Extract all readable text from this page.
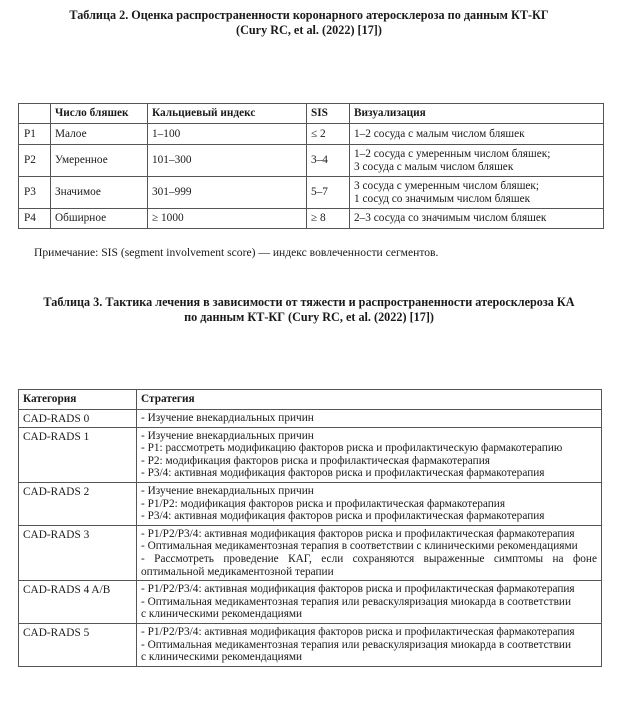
Таблица 2. Оценка распространенности коронарного атеросклероза по данным КТ-КГ
(Cury RC, et al. (2022) [17])
	Число бляшек	Кальциевый индекс	SIS	Визуализация
P1	Малое	1–100	≤ 2	1–2 сосуда с малым числом бляшек

P2	Умеренное	101–300	3–4	1–2 сосуда с умеренным числом бляшек;
3 сосуда с малым числом бляшек

P3	Значимое	301–999	5–7	3 сосуда с умеренным числом бляшек;
1 сосуд со значимым числом бляшек

P4	Обширное	≥ 1000	≥ 8	2–3 сосуда со значимым числом бляшек
Примечание: SIS (segment involvement score) — индекс вовлеченности сегментов.
Таблица 3. Тактика лечения в зависимости от тяжести и распространенности атеросклероза КА
по данным КТ-КГ (Cury RC, et al. (2022) [17])
Категория	Стратегия
CAD-RADS 0	- Изучение внекардиальных причин

CAD-RADS 1	- Изучение внекардиальных причин
- P1: рассмотреть модификацию факторов риска и профилактическую фармакотерапию
- P2: модификация факторов риска и профилактическая фармакотерапия
- P3/4: активная модификация факторов риска и профилактическая фармакотерапия

CAD-RADS 2	- Изучение внекардиальных причин
- P1/P2: модификация факторов риска и профилактическая фармакотерапия
- P3/4: активная модификация факторов риска и профилактическая фармакотерапия

CAD-RADS 3	- P1/P2/P3/4: активная модификация факторов риска и профилактическая фармакотерапия
- Оптимальная медикаментозная терапия в соответствии с клиническими рекомендациями
- Рассмотреть проведение КАГ, если сохраняются выраженные симптомы на фоне
оптимальной медикаментозной терапии

CAD-RADS 4 A/B	- P1/P2/P3/4: активная модификация факторов риска и профилактическая фармакотерапия
- Оптимальная медикаментозная терапия или реваскуляризация миокарда в соответствии
с клиническими рекомендациями

CAD-RADS 5	- P1/P2/P3/4: активная модификация факторов риска и профилактическая фармакотерапия
- Оптимальная медикаментозная терапия или реваскуляризация миокарда в соответствии
с клиническими рекомендациями
